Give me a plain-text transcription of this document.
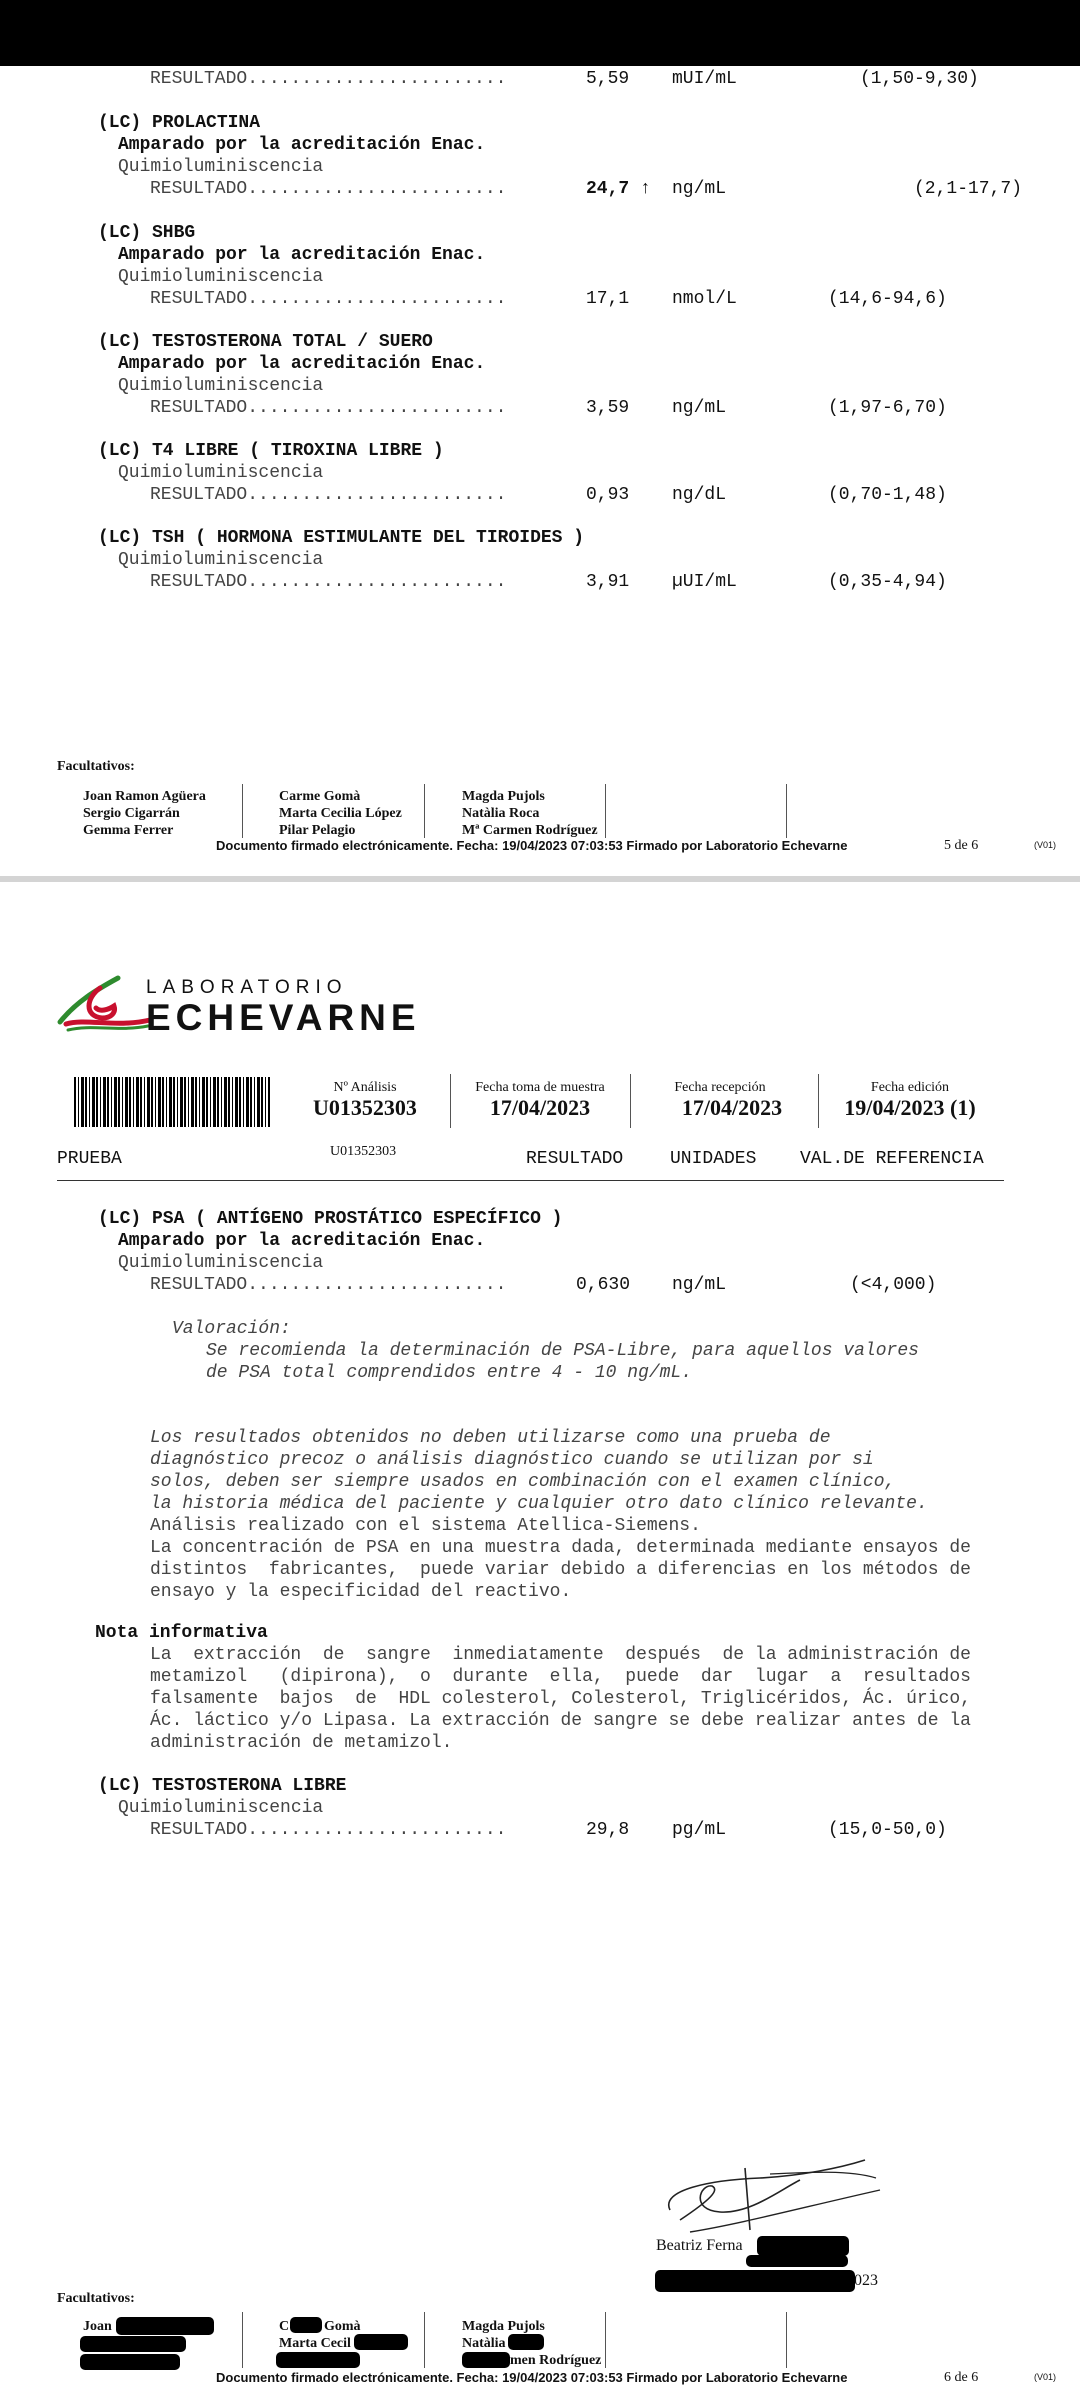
RESULTADO........................	5,59 mUI/mL	(1,50-9,30)
(LC) PROLACTINA
Amparado por la acreditación Enac.
Quimioluminiscencia
RESULTADO........................	24,7 ↑ ng/mL	(2,1-17,7)
(LC) SHBG
Amparado por la acreditación Enac.
Quimioluminiscencia
RESULTADO........................	17,1 nmol/L	(14,6-94,6)
(LC) TESTOSTERONA TOTAL / SUERO
Amparado por la acreditación Enac.
Quimioluminiscencia
RESULTADO........................	3,59 ng/mL	(1,97-6,70)
(LC) T4 LIBRE ( TIROXINA LIBRE )
Quimioluminiscencia
RESULTADO........................	0,93 ng/dL	(0,70-1,48)
(LC) TSH ( HORMONA ESTIMULANTE DEL TIROIDES )
Quimioluminiscencia
RESULTADO........................	3,91 µUI/mL	(0,35-4,94)
Facultativos:
Joan Ramon Agüera
Sergio Cigarrán
Gemma Ferrer
Carme Gomà
Marta Cecilia López
Pilar Pelagio
Magda Pujols
Natàlia Roca
Mª Carmen Rodríguez
Documento firmado electrónicamente. Fecha: 19/04/2023 07:03:53 Firmado por Laboratorio Echevarne	5 de 6	(V01)
LABORATORIO
ECHEVARNE
Nº Análisis
U01352303
Fecha toma de muestra
17/04/2023
Fecha recepción
17/04/2023
Fecha edición
19/04/2023 (1)
U01352303
PRUEBA	RESULTADO	UNIDADES VAL.DE REFERENCIA
(LC) PSA ( ANTÍGENO PROSTÁTICO ESPECÍFICO )
Amparado por la acreditación Enac.
Quimioluminiscencia
RESULTADO........................	0,630 ng/mL	(<4,000)
Valoración:
Se recomienda la determinación de PSA-Libre, para aquellos valores
de PSA total comprendidos entre 4 - 10 ng/mL.
Los resultados obtenidos no deben utilizarse como una prueba de
diagnóstico precoz o análisis diagnóstico cuando se utilizan por si
solos, deben ser siempre usados en combinación con el examen clínico,
la historia médica del paciente y cualquier otro dato clínico relevante.
Análisis realizado con el sistema Atellica-Siemens.
La concentración de PSA en una muestra dada, determinada mediante ensayos de
distintos  fabricantes,  puede variar debido a diferencias en los métodos de
ensayo y la especificidad del reactivo.
Nota informativa
La  extracción  de  sangre  inmediatamente  después  de la administración de
metamizol   (dipirona),  o  durante  ella,  puede  dar  lugar  a  resultados
falsamente  bajos  de  HDL colesterol, Colesterol, Triglicéridos, Ác. úrico,
Ác. láctico y/o Lipasa. La extracción de sangre se debe realizar antes de la
administración de metamizol.
(LC) TESTOSTERONA LIBRE
Quimioluminiscencia
RESULTADO........................	29,8 pg/mL	(15,0-50,0)
Beatriz Ferna
023
Facultativos:
Joan	C Gomà
Marta Cecil
Magda Pujols
Natàlia
men Rodríguez
Documento firmado electrónicamente. Fecha: 19/04/2023 07:03:53 Firmado por Laboratorio Echevarne	6 de 6	(V01)
